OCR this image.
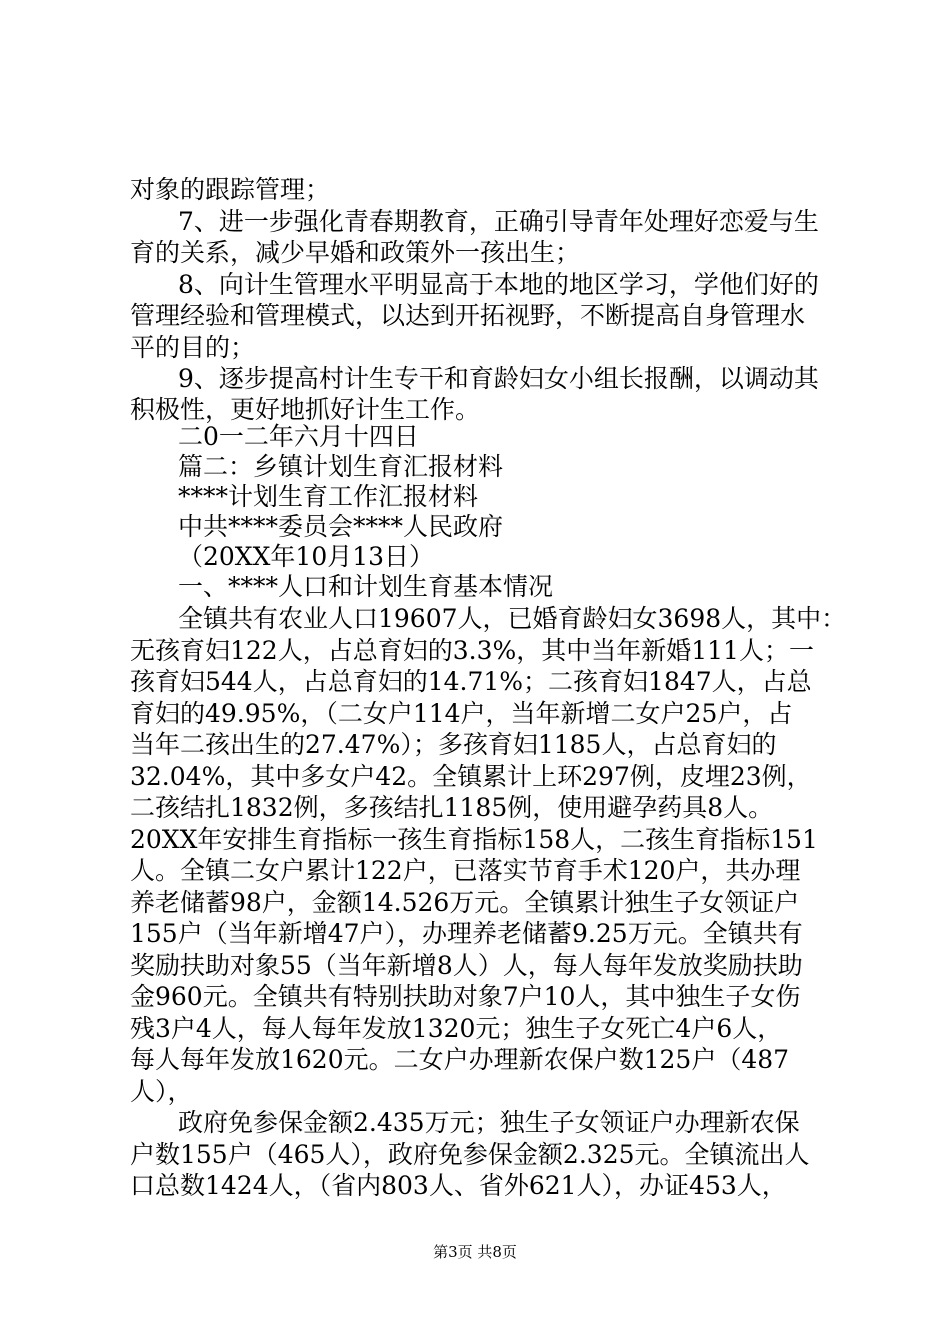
对象的跟踪管理；
7、进一步强化青春期教育，正确引导青年处理好恋爱与生
育的关系，减少早婚和政策外一孩出生；
8、向计生管理水平明显高于本地的地区学习，学他们好的
管理经验和管理模式，以达到开拓视野，不断提高自身管理水
平的目的；
9、逐步提高村计生专干和育龄妇女小组长报酬，以调动其
积极性，更好地抓好计生工作。
二0一二年六月十四日
篇二：乡镇计划生育汇报材料
****计划生育工作汇报材料
中共****委员会****人民政府
（20XX年10月13日）
一、****人口和计划生育基本情况
全镇共有农业人口19607人，已婚育龄妇女3698人，其中：
无孩育妇122人，占总育妇的3.3%，其中当年新婚111人；一
孩育妇544人，占总育妇的14.71%；二孩育妇1847人，占总
育妇的49.95%，（二女户114户，当年新增二女户25户，占
当年二孩出生的27.47%）；多孩育妇1185人，占总育妇的
32.04%，其中多女户42。全镇累计上环297例，皮埋23例，
二孩结扎1832例，多孩结扎1185例，使用避孕药具8人。
20XX年安排生育指标一孩生育指标158人，二孩生育指标151
人。全镇二女户累计122户，已落实节育手术120户，共办理
养老储蓄98户，金额14.526万元。全镇累计独生子女领证户
155户（当年新增47户），办理养老储蓄9.25万元。全镇共有
奖励扶助对象55（当年新增8人）人，每人每年发放奖励扶助
金960元。全镇共有特别扶助对象7户10人，其中独生子女伤
残3户4人，每人每年发放1320元；独生子女死亡4户6人，
每人每年发放1620元。二女户办理新农保户数125户（487
人），
政府免参保金额2.435万元；独生子女领证户办理新农保
户数155户（465人），政府免参保金额2.325元。全镇流出人
口总数1424人，（省内803人、省外621人），办证453人，
第3页 共8页
